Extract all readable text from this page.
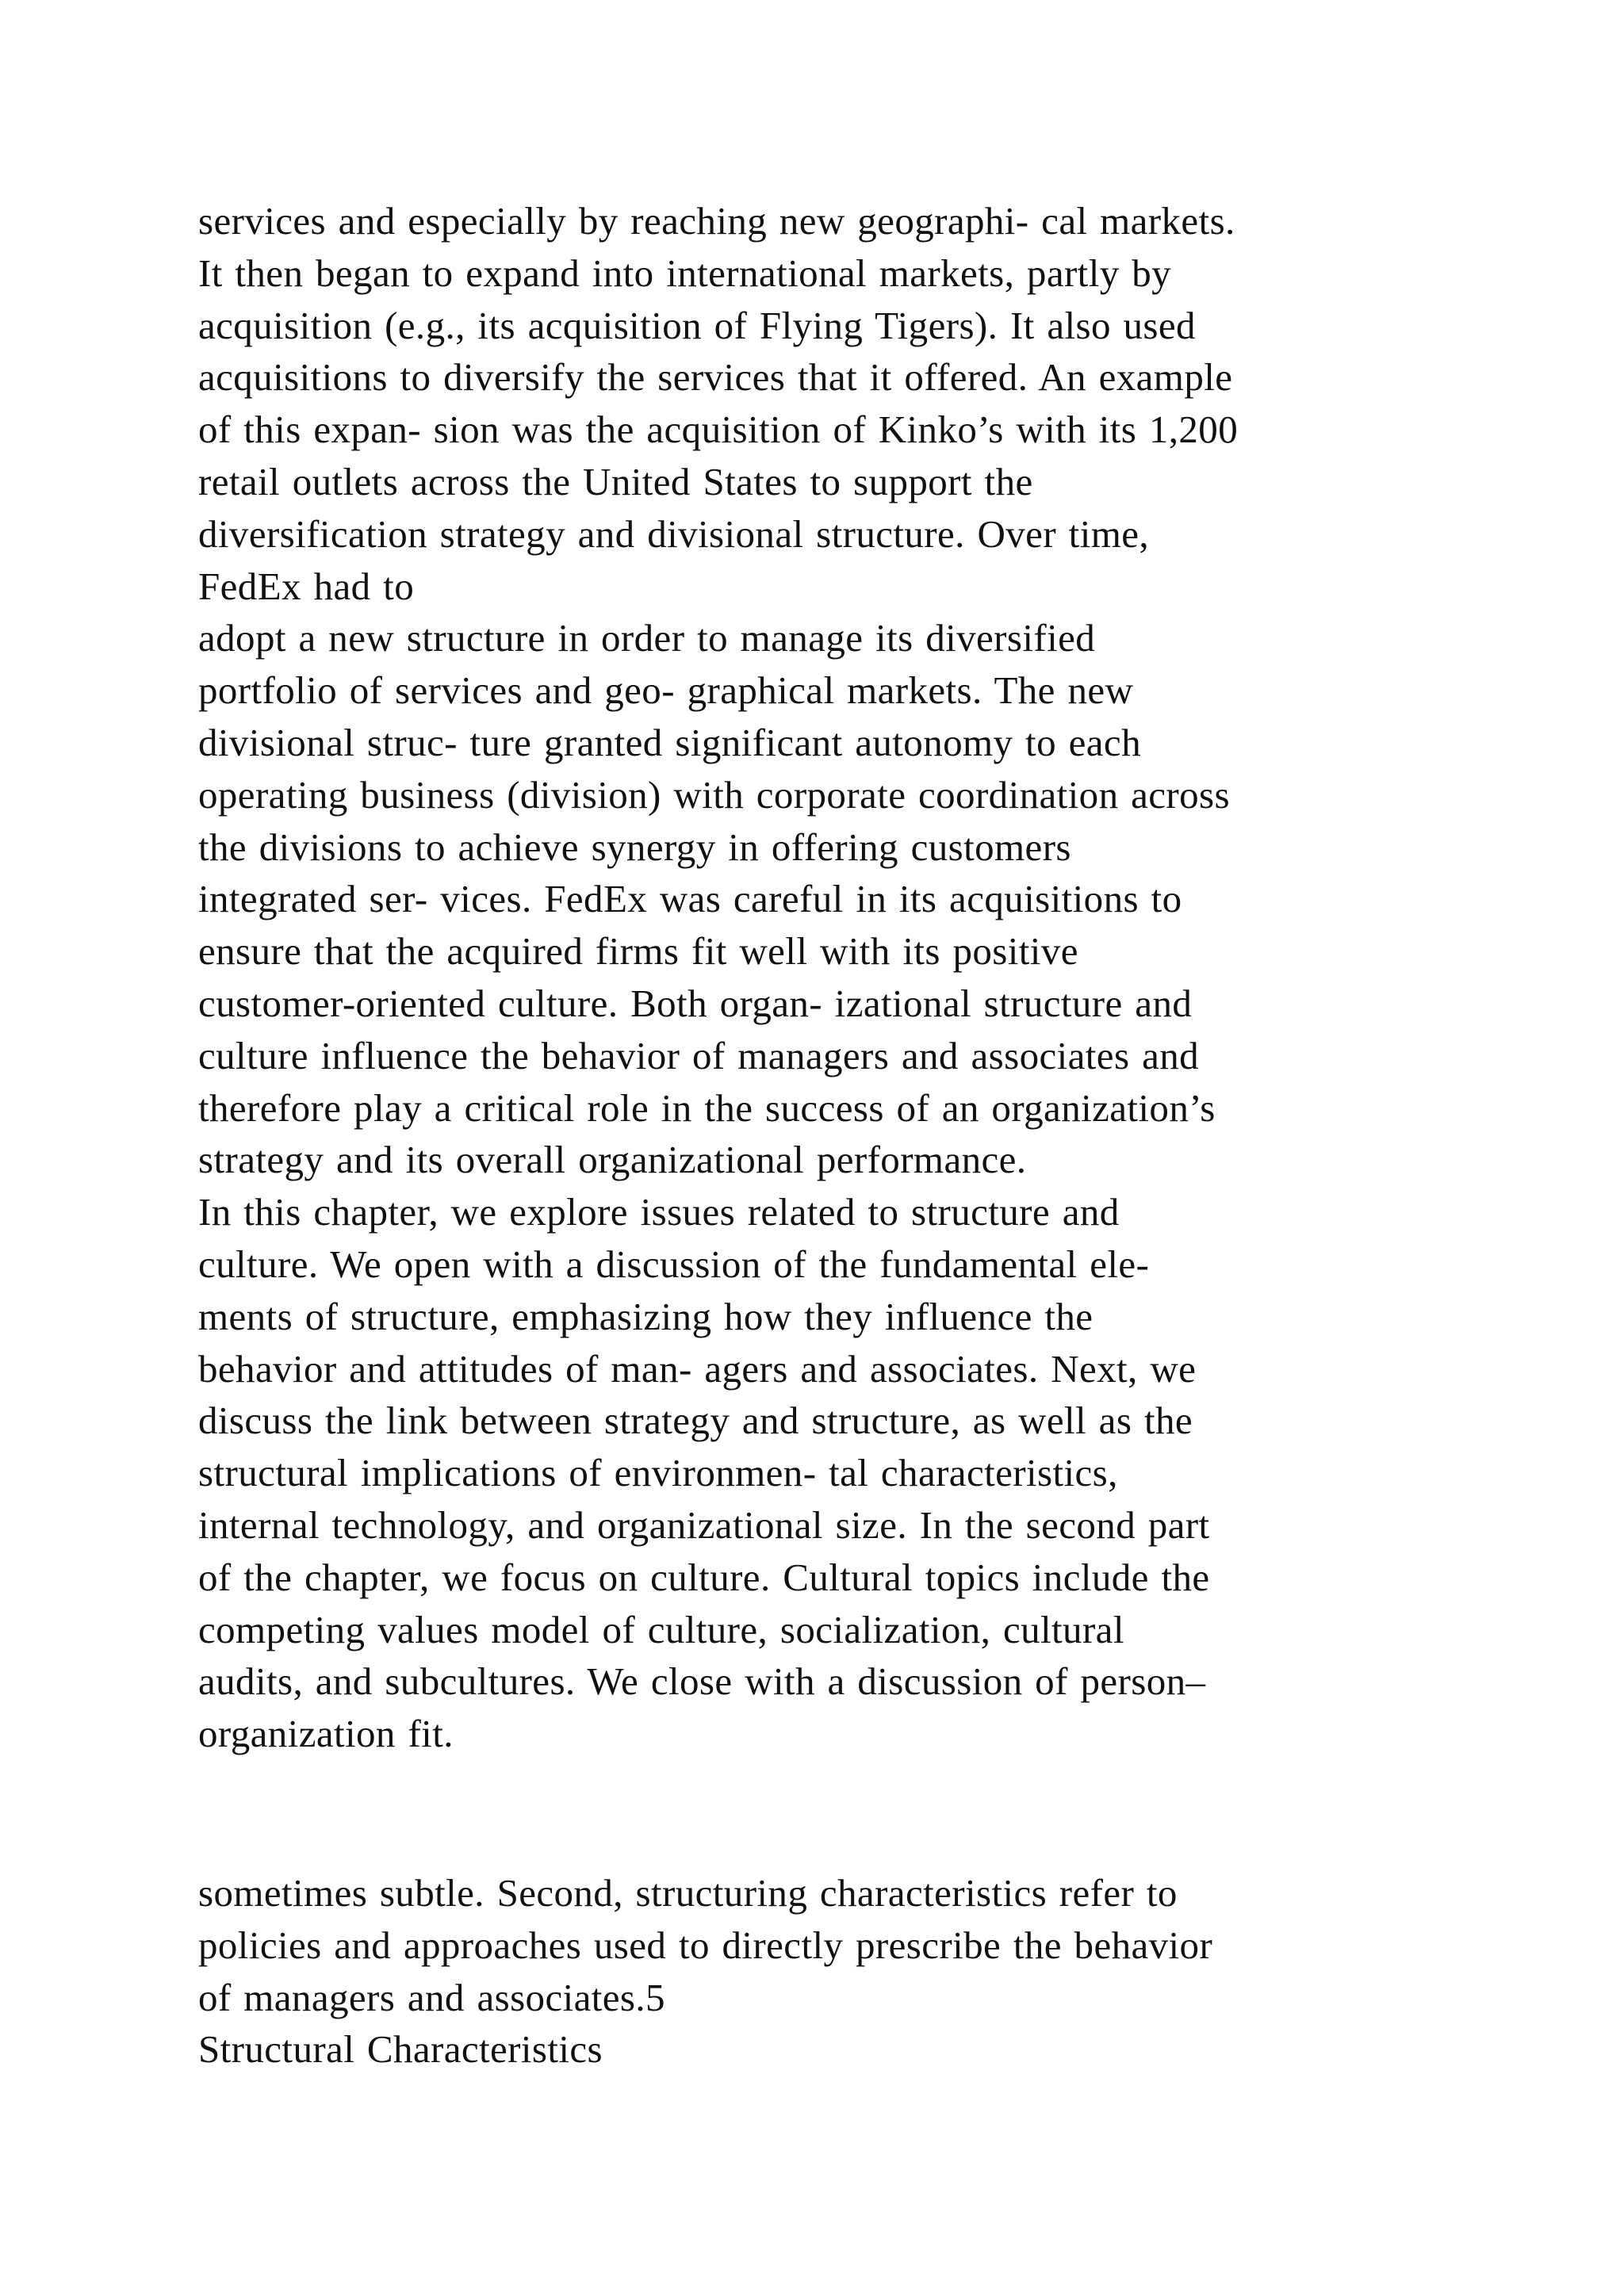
services and especially by reaching new geographi- cal markets.
It then began to expand into international markets, partly by
acquisition (e.g., its acquisition of Flying Tigers). It also used
acquisitions to diversify the services that it offered. An example
of this expan- sion was the acquisition of Kinko’s with its 1,200
retail outlets across the United States to support the
diversification strategy and divisional structure. Over time,
FedEx had to
adopt a new structure in order to manage its diversified
portfolio of services and geo- graphical markets. The new
divisional struc- ture granted significant autonomy to each
operating business (division) with corporate coordination across
the divisions to achieve synergy in offering customers
integrated ser- vices. FedEx was careful in its acquisitions to
ensure that the acquired firms fit well with its positive
customer-oriented culture. Both organ- izational structure and
culture influence the behavior of managers and associates and
therefore play a critical role in the success of an organization’s
strategy and its overall organizational performance.
In this chapter, we explore issues related to structure and
culture. We open with a discussion of the fundamental ele-
ments of structure, emphasizing how they influence the
behavior and attitudes of man- agers and associates. Next, we
discuss the link between strategy and structure, as well as the
structural implications of environmen- tal characteristics,
internal technology, and organizational size. In the second part
of the chapter, we focus on culture. Cultural topics include the
competing values model of culture, socialization, cultural
audits, and subcultures. We close with a discussion of person–
organization fit.
sometimes subtle. Second, structuring characteristics refer to
policies and approaches used to directly prescribe the behavior
of managers and associates.5
Structural Characteristics
